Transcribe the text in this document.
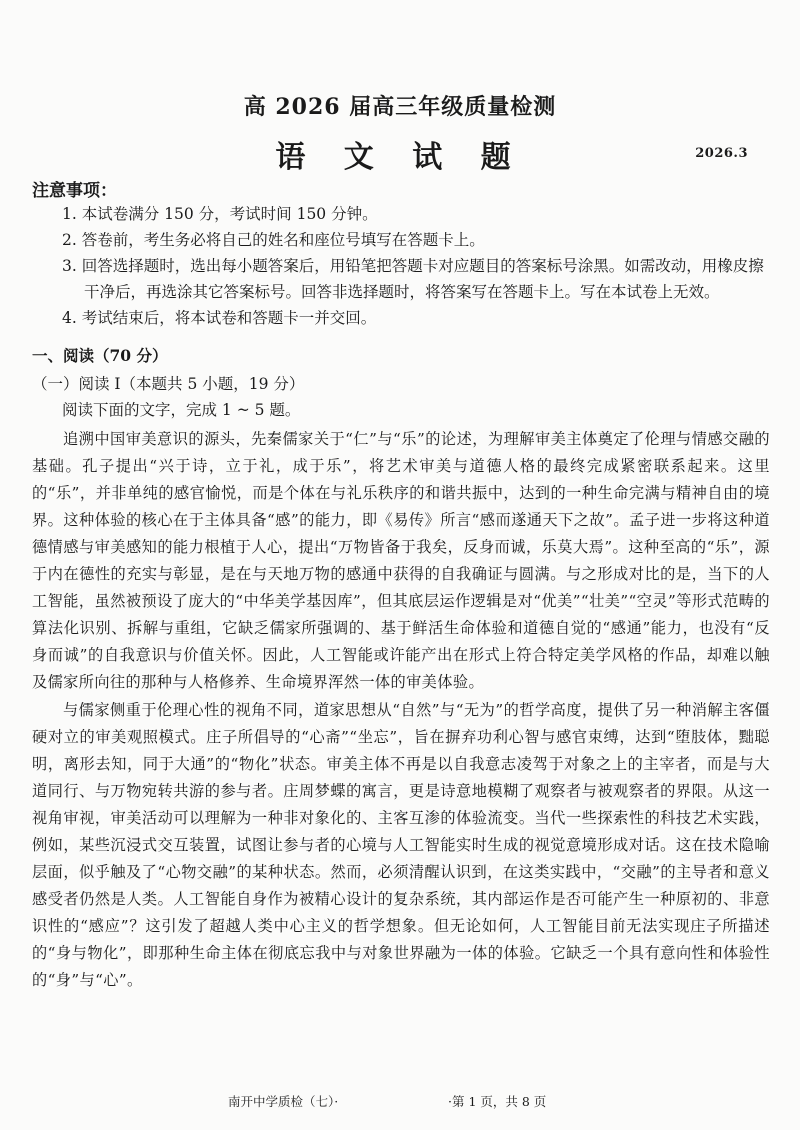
高 2026 届高三年级质量检测
语 文 试 题	2026.3
注意事项：

1. 本试卷满分 150 分，考试时间 150 分钟。

2. 答卷前，考生务必将自己的姓名和座位号填写在答题卡上。

3. 回答选择题时，选出每小题答案后，用铅笔把答题卡对应题目的答案标号涂黑。如需改动，用橡皮擦
干净后，再选涂其它答案标号。回答非选择题时，将答案写在答题卡上。写在本试卷上无效。

4. 考试结束后，将本试卷和答题卡一并交回。

一、阅读（70 分）
（一）阅读 I（本题共 5 小题，19 分）
阅读下面的文字，完成 1 ~ 5 题。

追溯中国审美意识的源头，先秦儒家关于“仁”与“乐”的论述，为理解审美主体奠定了伦理与情感交融的基础。孔子提出“兴于诗，立于礼，成于乐”，将艺术审美与道德人格的最终完成紧密联系起来。这里的“乐”，并非单纯的感官愉悦，而是个体在与礼乐秩序的和谐共振中，达到的一种生命完满与精神自由的境界。这种体验的核心在于主体具备“感”的能力，即《易传》所言“感而遂通天下之故”。孟子进一步将这种道德情感与审美感知的能力根植于人心，提出“万物皆备于我矣，反身而诚，乐莫大焉”。这种至高的“乐”，源于内在德性的充实与彰显，是在与天地万物的感通中获得的自我确证与圆满。与之形成对比的是，当下的人工智能，虽然被预设了庞大的“中华美学基因库”，但其底层运作逻辑是对“优美”“壮美”“空灵”等形式范畴的算法化识别、拆解与重组，它缺乏儒家所强调的、基于鲜活生命体验和道德自觉的“感通”能力，也没有“反身而诚”的自我意识与价值关怀。因此，人工智能或许能产出在形式上符合特定美学风格的作品，却难以触及儒家所向往的那种与人格修养、生命境界浑然一体的审美体验。

与儒家侧重于伦理心性的视角不同，道家思想从“自然”与“无为”的哲学高度，提供了另一种消解主客僵硬对立的审美观照模式。庄子所倡导的“心斋”“坐忘”，旨在摒弃功利心智与感官束缚，达到“堕肢体，黜聪明，离形去知，同于大通”的“物化”状态。审美主体不再是以自我意志凌驾于对象之上的主宰者，而是与大道同行、与万物宛转共游的参与者。庄周梦蝶的寓言，更是诗意地模糊了观察者与被观察者的界限。从这一视角审视，审美活动可以理解为一种非对象化的、主客互渗的体验流变。当代一些探索性的科技艺术实践，例如，某些沉浸式交互装置，试图让参与者的心境与人工智能实时生成的视觉意境形成对话。这在技术隐喻层面，似乎触及了“心物交融”的某种状态。然而，必须清醒认识到，在这类实践中，“交融”的主导者和意义感受者仍然是人类。人工智能自身作为被精心设计的复杂系统，其内部运作是否可能产生一种原初的、非意识性的“感应”？这引发了超越人类中心主义的哲学想象。但无论如何，人工智能目前无法实现庄子所描述的“身与物化”，即那种生命主体在彻底忘我中与对象世界融为一体的体验。它缺乏一个具有意向性和体验性的“身”与“心”。

南开中学质检（七）·	·第 1 页，共 8 页
